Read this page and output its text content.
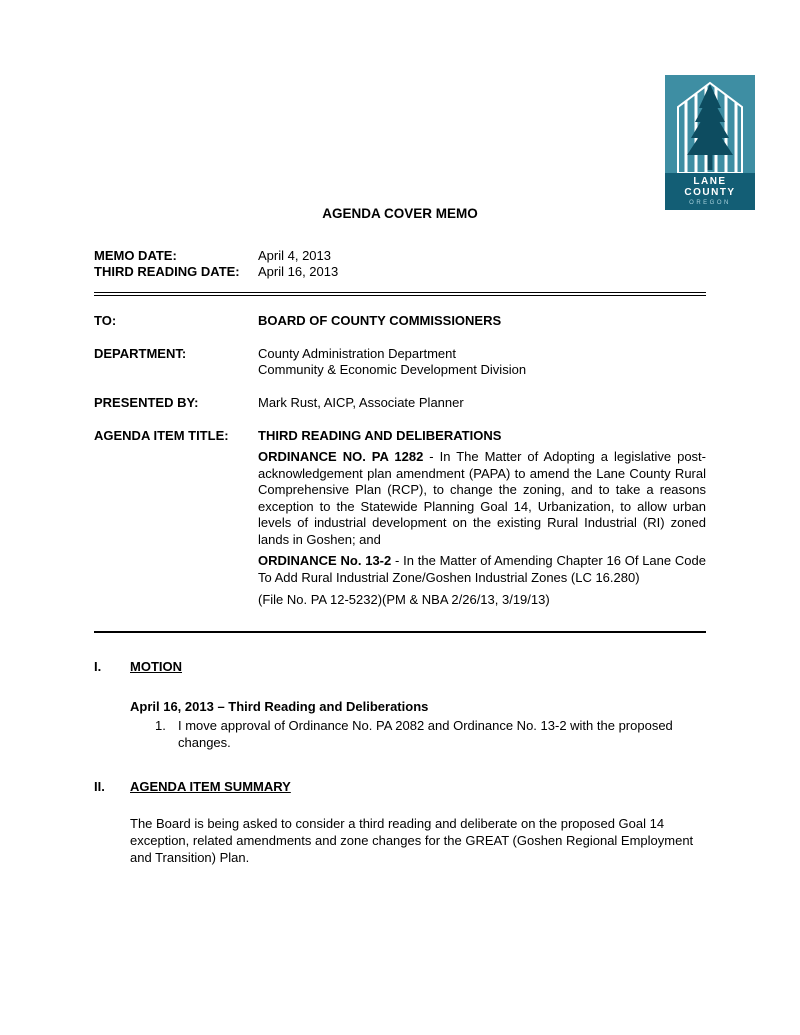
LANE
COUNTY
OREGON
AGENDA COVER MEMO
MEMO DATE:	April 4, 2013
THIRD READING DATE:	April 16, 2013
TO:	BOARD OF COUNTY COMMISSIONERS
DEPARTMENT:	County Administration Department
Community & Economic Development Division
PRESENTED BY:	Mark Rust, AICP, Associate Planner
AGENDA ITEM TITLE:	THIRD READING AND DELIBERATIONS

ORDINANCE NO. PA 1282 - In The Matter of Adopting a legislative post-acknowledgement plan amendment (PAPA) to amend the Lane County Rural Comprehensive Plan (RCP), to change the zoning, and to take a reasons exception to the Statewide Planning Goal 14, Urbanization, to allow urban levels of industrial development on the existing Rural Industrial (RI) zoned lands in Goshen; and

ORDINANCE No. 13-2 - In the Matter of Amending Chapter 16 Of Lane Code To Add Rural Industrial Zone/Goshen Industrial Zones (LC 16.280)

(File No. PA 12-5232)(PM & NBA 2/26/13, 3/19/13)

I.	MOTION
April 16, 2013 – Third Reading and Deliberations
1. I move approval of Ordinance No. PA 2082 and Ordinance No. 13-2 with the proposed changes.
II.	AGENDA ITEM SUMMARY

The Board is being asked to consider a third reading and deliberate on the proposed Goal 14 exception, related amendments and zone changes for the GREAT (Goshen Regional Employment and Transition) Plan.
